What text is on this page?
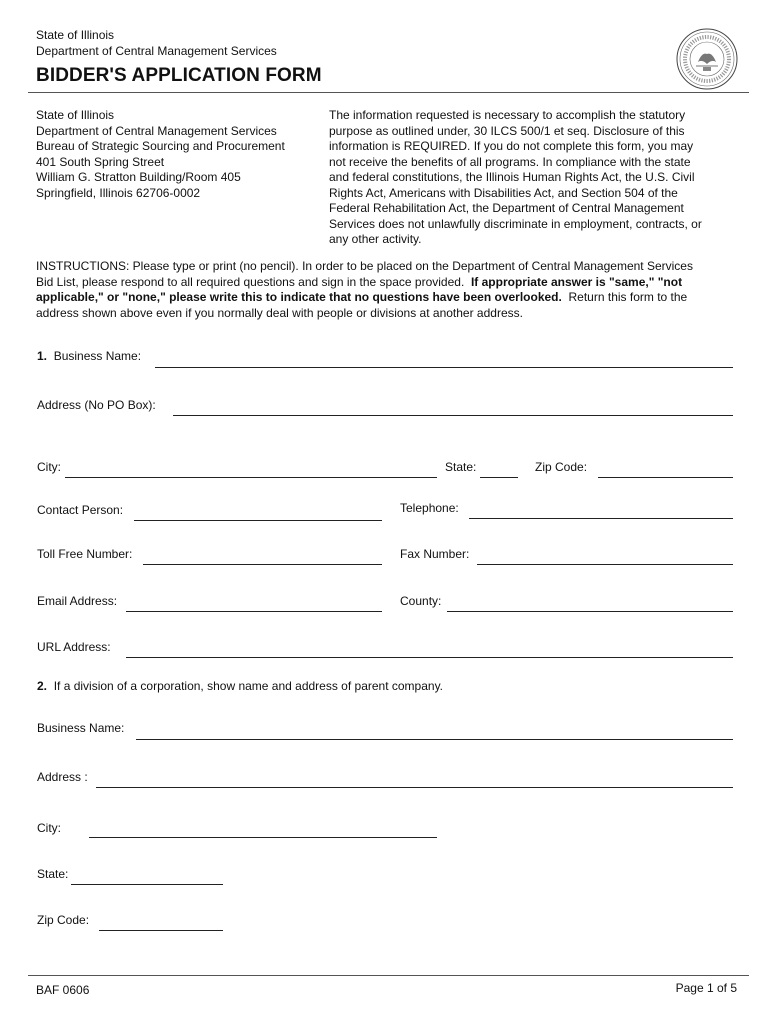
State of Illinois
Department of Central Management Services
BIDDER'S APPLICATION FORM
State of Illinois
Department of Central Management Services
Bureau of Strategic Sourcing and Procurement
401 South Spring Street
William G. Stratton Building/Room 405
Springfield, Illinois 62706-0002
The information requested is necessary to accomplish the statutory
purpose as outlined under, 30 ILCS 500/1 et seq. Disclosure of this
information is REQUIRED. If you do not complete this form, you may
not receive the benefits of all programs. In compliance with the state
and federal constitutions, the Illinois Human Rights Act, the U.S. Civil
Rights Act, Americans with Disabilities Act, and Section 504 of the
Federal Rehabilitation Act, the Department of Central Management
Services does not unlawfully discriminate in employment, contracts, or
any other activity.
INSTRUCTIONS: Please type or print (no pencil). In order to be placed on the Department of Central Management Services
Bid List, please respond to all required questions and sign in the space provided.  If appropriate answer is "same," "not
applicable," or "none," please write this to indicate that no questions have been overlooked.  Return this form to the
address shown above even if you normally deal with people or divisions at another address.
1. Business Name:
Address (No PO Box):
City:	State:	Zip Code:
Contact Person:	Telephone:
Toll Free Number:	Fax Number:
Email Address:	County:
URL Address:
2. If a division of a corporation, show name and address of parent company.
Business Name:
Address :
City:
State:
Zip Code:
BAF 0606	Page 1 of 5
